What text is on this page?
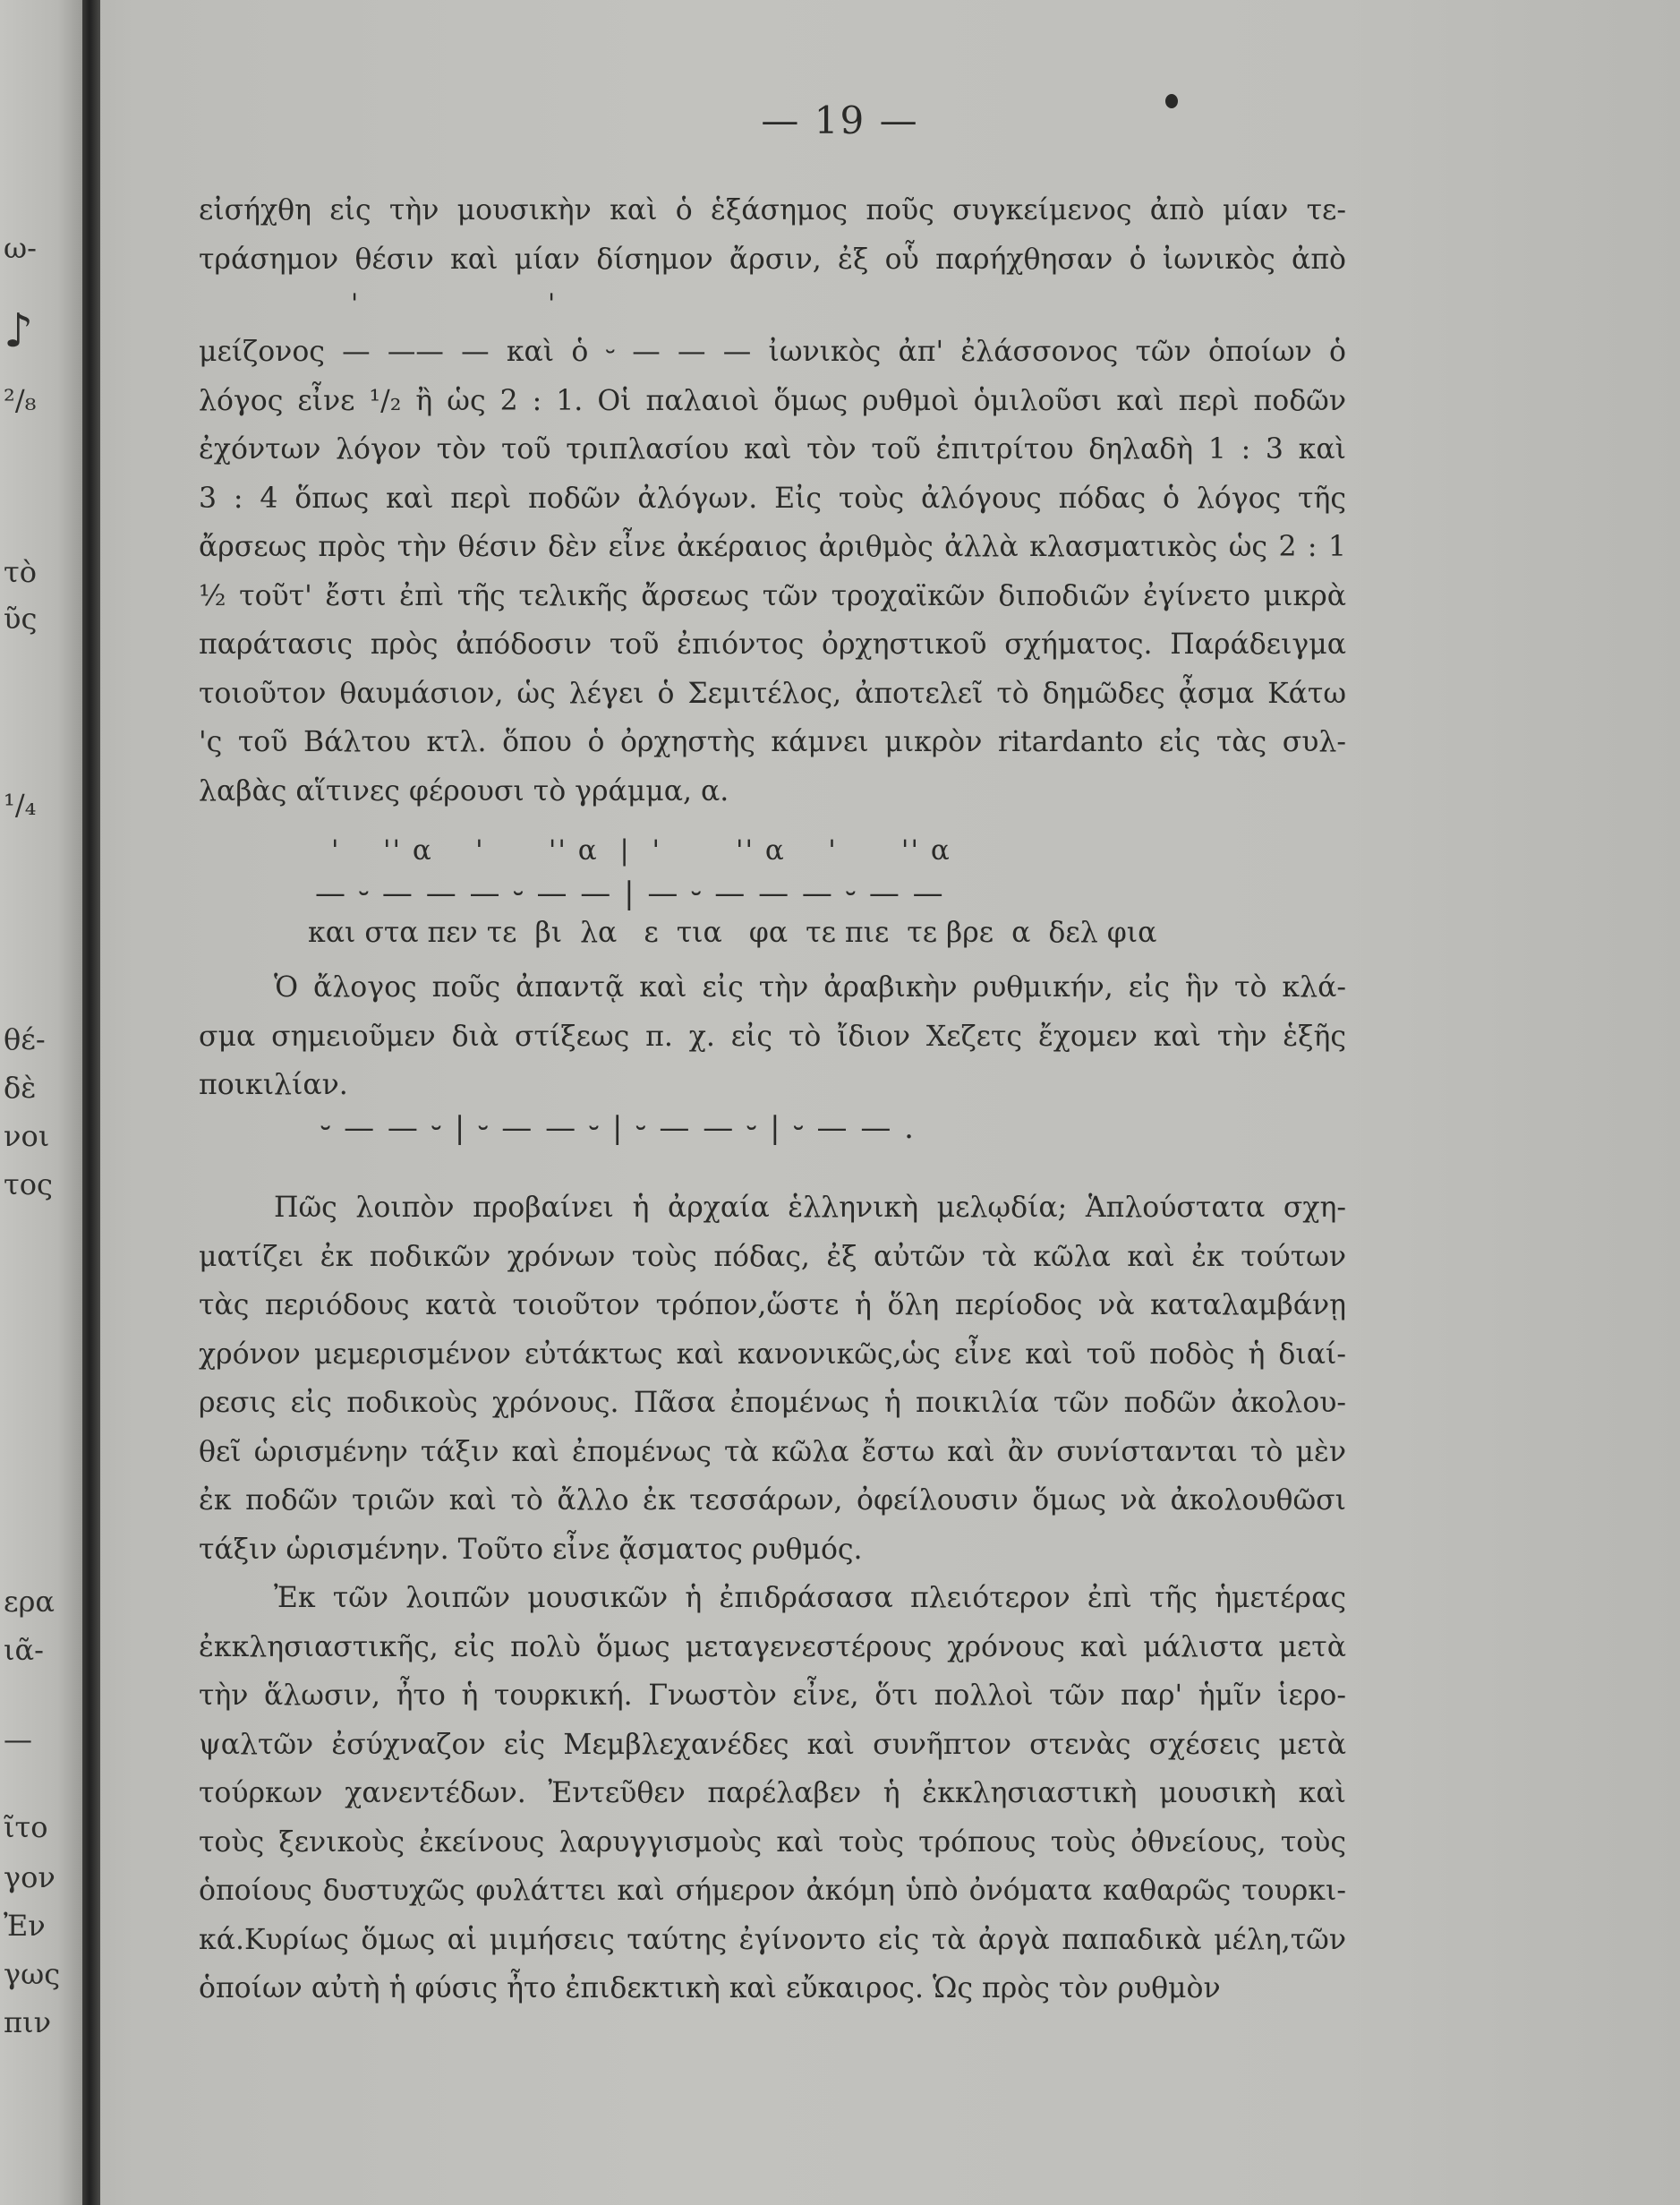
ω-
♪
²/₈
τὸ
ῦς
¹/₄
θέ-
δὲ
νοι
τος
ερα
ιᾶ-
—
ῖτο
γον
Ἐν
γως
πιν
— 19 —
εἰσήχθη εἰς τὴν μουσικὴν καὶ ὁ ἑξάσημος ποῦς συγκείμενος ἀπὸ μίαν τε-
τράσημον θέσιν καὶ μίαν δίσημον ἄρσιν, ἐξ οὗ παρήχθησαν ὁ ἰωνικὸς ἀπὸ
'                    '
μείζονος — —— — καὶ ὁ ⏑ — — — ἰωνικὸς ἀπ' ἐλάσσονος τῶν ὁποίων ὁ
λόγος εἶνε ¹/₂ ἢ ὡς 2 : 1. Οἱ παλαιοὶ ὅμως ρυθμοὶ ὁμιλοῦσι καὶ περὶ ποδῶν
ἐχόντων λόγον τὸν τοῦ τριπλασίου καὶ τὸν τοῦ ἐπιτρίτου δηλαδὴ 1 : 3 καὶ
3 : 4 ὅπως καὶ περὶ ποδῶν ἀλόγων. Εἰς τοὺς ἀλόγους πόδας ὁ λόγος τῆς
ἄρσεως πρὸς τὴν θέσιν δὲν εἶνε ἀκέραιος ἀριθμὸς ἀλλὰ κλασματικὸς ὡς 2 : 1
½ τοῦτ' ἔστι ἐπὶ τῆς τελικῆς ἄρσεως τῶν τροχαϊκῶν διποδιῶν ἐγίνετο μικρὰ
παράτασις πρὸς ἀπόδοσιν τοῦ ἐπιόντος ὀρχηστικοῦ σχήματος. Παράδειγμα
τοιοῦτον θαυμάσιον, ὡς λέγει ὁ Σεμιτέλος, ἀποτελεῖ τὸ δημῶδες ᾆσμα Κάτω
'ς τοῦ Βάλτου κτλ. ὅπου ὁ ὀρχηστὴς κάμνει μικρὸν ritardanto εἰς τὰς συλ-
λαβὰς αἵτινες φέρουσι τὸ γράμμα, α.
'    '' α    '      '' α  |  '       '' α    '      '' α
— ⏑ — — — ⏑ — — | — ⏑ — — — ⏑ — —
και στα πεν τε  βι  λα   ε  τια   φα  τε πιε  τε βρε  α  δελ φια
Ὁ ἄλογος ποῦς ἀπαντᾷ καὶ εἰς τὴν ἀραβικὴν ρυθμικήν, εἰς ἣν τὸ κλά-
σμα σημειοῦμεν διὰ στίξεως π. χ. εἰς τὸ ἴδιον Χεζετς ἔχομεν καὶ τὴν ἑξῆς
ποικιλίαν.
⏑ — — ⏑ | ⏑ — — ⏑ | ⏑ — — ⏑ | ⏑ — — .
Πῶς λοιπὸν προβαίνει ἡ ἀρχαία ἑλληνικὴ μελῳδία; Ἁπλούστατα σχη-
ματίζει ἐκ ποδικῶν χρόνων τοὺς πόδας, ἐξ αὐτῶν τὰ κῶλα καὶ ἐκ τούτων
τὰς περιόδους κατὰ τοιοῦτον τρόπον,ὥστε ἡ ὅλη περίοδος νὰ καταλαμβάνῃ
χρόνον μεμερισμένον εὐτάκτως καὶ κανονικῶς,ὡς εἶνε καὶ τοῦ ποδὸς ἡ διαί-
ρεσις εἰς ποδικοὺς χρόνους. Πᾶσα ἐπομένως ἡ ποικιλία τῶν ποδῶν ἀκολου-
θεῖ ὡρισμένην τάξιν καὶ ἐπομένως τὰ κῶλα ἔστω καὶ ἂν συνίστανται τὸ μὲν
ἐκ ποδῶν τριῶν καὶ τὸ ἄλλο ἐκ τεσσάρων, ὀφείλουσιν ὅμως νὰ ἀκολουθῶσι
τάξιν ὡρισμένην. Τοῦτο εἶνε ᾄσματος ρυθμός.
Ἐκ τῶν λοιπῶν μουσικῶν ἡ ἐπιδράσασα πλειότερον ἐπὶ τῆς ἡμετέρας
ἐκκλησιαστικῆς, εἰς πολὺ ὅμως μεταγενεστέρους χρόνους καὶ μάλιστα μετὰ
τὴν ἅλωσιν, ἦτο ἡ τουρκική. Γνωστὸν εἶνε, ὅτι πολλοὶ τῶν παρ' ἡμῖν ἱερο-
ψαλτῶν ἐσύχναζον εἰς Μεμβλεχανέδες καὶ συνῆπτον στενὰς σχέσεις μετὰ
τούρκων χανεντέδων. Ἐντεῦθεν παρέλαβεν ἡ ἐκκλησιαστικὴ μουσικὴ καὶ
τοὺς ξενικοὺς ἐκείνους λαρυγγισμοὺς καὶ τοὺς τρόπους τοὺς ὀθνείους, τοὺς
ὁποίους δυστυχῶς φυλάττει καὶ σήμερον ἀκόμη ὑπὸ ὀνόματα καθαρῶς τουρκι-
κά.Κυρίως ὅμως αἱ μιμήσεις ταύτης ἐγίνοντο εἰς τὰ ἀργὰ παπαδικὰ μέλη,τῶν
ὁποίων αὐτὴ ἡ φύσις ἦτο ἐπιδεκτικὴ καὶ εὔκαιρος. Ὡς πρὸς τὸν ρυθμὸν
